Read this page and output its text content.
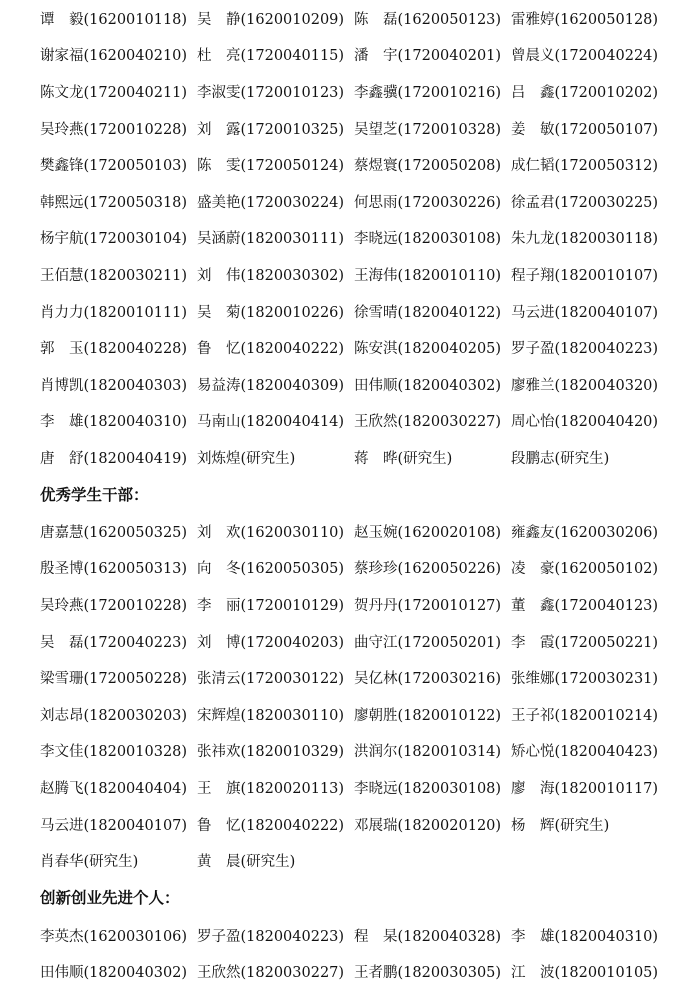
谭　毅(1620010118) 吴　静(1620010209) 陈　磊(1620050123) 雷雅婷(1620050128)
谢家福(1620040210) 杜　亮(1720040115) 潘　宇(1720040201) 曾晨义(1720040224)
陈文龙(1720040211) 李淑雯(1720010123) 李鑫骥(1720010216) 吕　鑫(1720010202)
吴玲燕(1720010228) 刘　露(1720010325) 吴望芝(1720010328) 姜　敏(1720050107)
樊鑫锋(1720050103) 陈　雯(1720050124) 蔡煜寰(1720050208) 成仁韬(1720050312)
韩熙远(1720050318) 盛美艳(1720030224) 何思雨(1720030226) 徐孟君(1720030225)
杨宇航(1720030104) 吴涵蔚(1820030111) 李晓远(1820030108) 朱九龙(1820030118)
王佰慧(1820030211) 刘　伟(1820030302) 王海伟(1820010110) 程子翔(1820010107)
肖力力(1820010111) 吴　菊(1820010226) 徐雪晴(1820040122) 马云进(1820040107)
郭　玉(1820040228) 鲁　忆(1820040222) 陈安淇(1820040205) 罗子盈(1820040223)
肖博凯(1820040303) 易益涛(1820040309) 田伟顺(1820040302) 廖雅兰(1820040320)
李　雄(1820040310) 马南山(1820040414) 王欣然(1820030227) 周心怡(1820040420)
唐　舒(1820040419) 刘炼煌(研究生)	蒋　晔(研究生)	段鹏志(研究生)
优秀学生干部：
唐嘉慧(1620050325) 刘　欢(1620030110) 赵玉婉(1620020108) 雍鑫友(1620030206)
殷圣博(1620050313) 向　冬(1620050305) 蔡珍珍(1620050226) 凌　豪(1620050102)
吴玲燕(1720010228) 李　丽(1720010129) 贺丹丹(1720010127) 董　鑫(1720040123)
吴　磊(1720040223) 刘　博(1720040203) 曲守江(1720050201) 李　霞(1720050221)
梁雪珊(1720050228) 张清云(1720030122) 吴亿林(1720030216) 张维娜(1720030231)
刘志昂(1820030203) 宋辉煌(1820030110) 廖朝胜(1820010122) 王子祁(1820010214)
李文佳(1820010328) 张祎欢(1820010329) 洪润尔(1820010314) 矫心悦(1820040423)
赵腾飞(1820040404) 王　旗(1820020113) 李晓远(1820030108) 廖　海(1820010117)
马云进(1820040107) 鲁　忆(1820040222) 邓展瑞(1820020120) 杨　辉(研究生)
肖春华(研究生)	黄　晨(研究生)
创新创业先进个人：
李英杰(1620030106) 罗子盈(1820040223) 程　杲(1820040328) 李　雄(1820040310)
田伟顺(1820040302) 王欣然(1820030227) 王者鹏(1820030305) 江　波(1820010105)
